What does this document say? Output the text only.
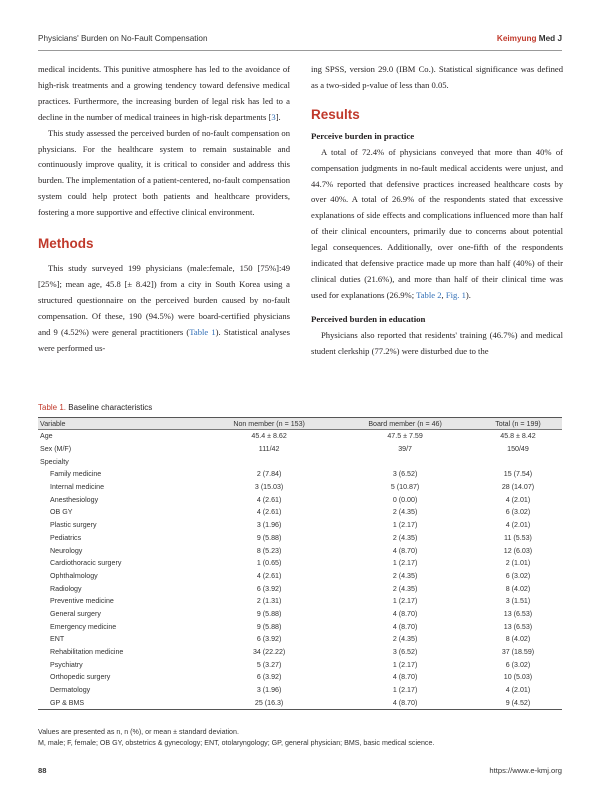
Physicians' Burden on No-Fault Compensation	Keimyung Med J

medical incidents. This punitive atmosphere has led to the avoidance of high-risk treatments and a growing tendency toward defensive medical practices. Furthermore, the increasing burden of legal risk has led to a decline in the number of medical trainees in high-risk departments [3].

This study assessed the perceived burden of no-fault compensation on physicians. For the healthcare system to remain sustainable and continuously improve quality, it is critical to consider and address this burden. The implementation of a patient-centered, no-fault compensation system could help protect both patients and healthcare providers, fostering a more supportive and effective clinical environment.

Methods

This study surveyed 199 physicians (male:female, 150 [75%]:49 [25%]; mean age, 45.8 [± 8.42]) from a city in South Korea using a structured questionnaire on the perceived burden caused by no-fault compensation. Of these, 190 (94.5%) were board-certified physicians and 9 (4.52%) were general practitioners (Table 1). Statistical analyses were performed us-

ing SPSS, version 29.0 (IBM Co.). Statistical significance was defined as a two-sided p-value of less than 0.05.

Results

Perceive burden in practice

A total of 72.4% of physicians conveyed that more than 40% of compensation judgments in no-fault medical accidents were unjust, and 44.7% reported that defensive practices increased healthcare costs by over 40%. A total of 26.9% of the respondents stated that excessive explanations of side effects and complications influenced more than half of their clinical encounters, primarily due to concerns about potential legal consequences. Additionally, over one-fifth of the respondents indicated that defensive practice made up more than half (40%) of their clinical duties (21.6%), and more than half of their clinical time was used for explanations (26.9%; Table 2, Fig. 1).

Perceived burden in education

Physicians also reported that residents' training (46.7%) and medical student clerkship (77.2%) were disturbed due to the

Table 1. Baseline characteristics
Variable	Non member (n = 153)	Board member (n = 46)	Total (n = 199)
Age	45.4 ± 8.62	47.5 ± 7.59	45.8 ± 8.42
Sex (M/F)	111/42	39/7	150/49
Specialty			
Family medicine	2 (7.84)	3 (6.52)	15 (7.54)
Internal medicine	3 (15.03)	5 (10.87)	28 (14.07)
Anesthesiology	4 (2.61)	0 (0.00)	4 (2.01)
OB GY	4 (2.61)	2 (4.35)	6 (3.02)
Plastic surgery	3 (1.96)	1 (2.17)	4 (2.01)
Pediatrics	9 (5.88)	2 (4.35)	11 (5.53)
Neurology	8 (5.23)	4 (8.70)	12 (6.03)
Cardiothoracic surgery	1 (0.65)	1 (2.17)	2 (1.01)
Ophthalmology	4 (2.61)	2 (4.35)	6 (3.02)
Radiology	6 (3.92)	2 (4.35)	8 (4.02)
Preventive medicine	2 (1.31)	1 (2.17)	3 (1.51)
General surgery	9 (5.88)	4 (8.70)	13 (6.53)
Emergency medicine	9 (5.88)	4 (8.70)	13 (6.53)
ENT	6 (3.92)	2 (4.35)	8 (4.02)
Rehabilitation medicine	34 (22.22)	3 (6.52)	37 (18.59)
Psychiatry	5 (3.27)	1 (2.17)	6 (3.02)
Orthopedic surgery	6 (3.92)	4 (8.70)	10 (5.03)
Dermatology	3 (1.96)	1 (2.17)	4 (2.01)
GP & BMS	25 (16.3)	4 (8.70)	9 (4.52)
Values are presented as n, n (%), or mean ± standard deviation.
M, male; F, female; OB GY, obstetrics & gynecology; ENT, otolaryngology; GP, general physician; BMS, basic medical science.
88	https://www.e-kmj.org
